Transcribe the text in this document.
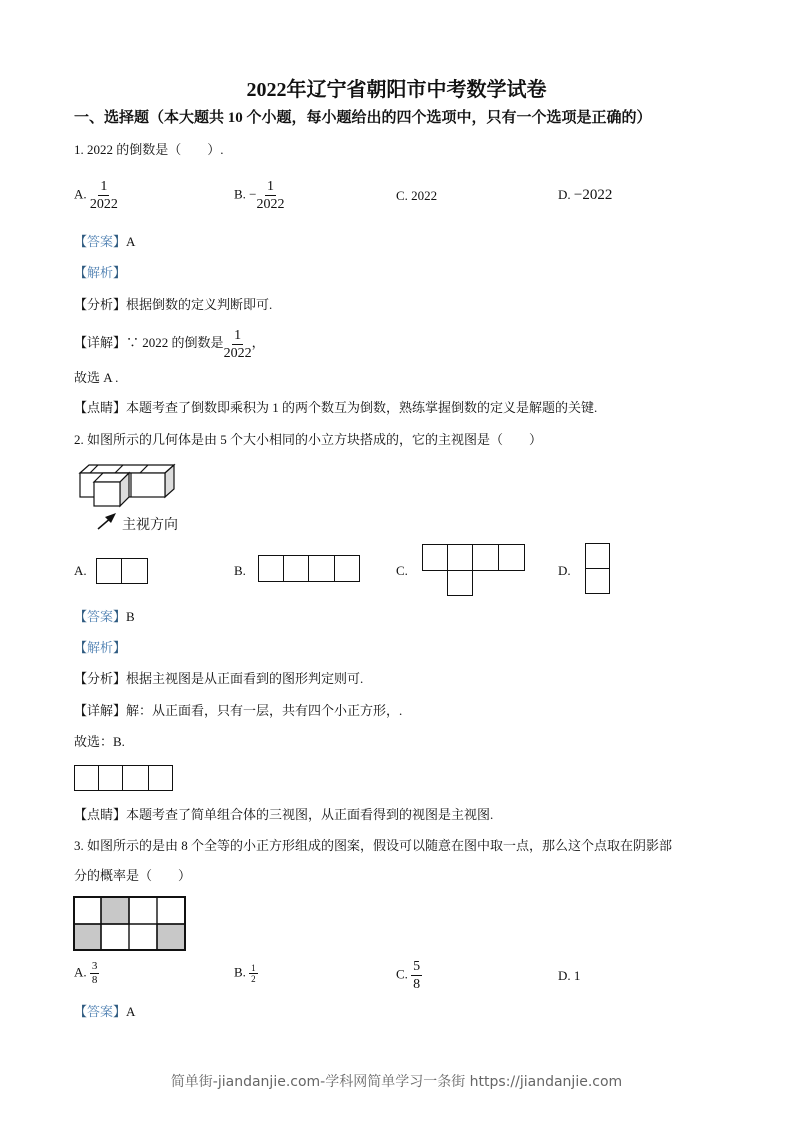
2022年辽宁省朝阳市中考数学试卷
一、选择题（本大题共 10 个小题，每小题给出的四个选项中，只有一个选项是正确的）
1. 2022 的倒数是（　　）.
A. $\frac{1}{2022}$	B. − $\frac{1}{2022}$	C. 2022	D. −2022
【答案】A
【解析】
【分析】根据倒数的定义判断即可.
【详解】∵ 2022 的倒数是 $\frac{1}{2022}$ ，
故选 A .
【点睛】本题考查了倒数即乘积为 1 的两个数互为倒数，熟练掌握倒数的定义是解题的关键.
2. 如图所示的几何体是由 5 个大小相同的小立方块搭成的，它的主视图是（　　）
主视方向
A.	B.	C.	D.
【答案】B
【解析】
【分析】根据主视图是从正面看到的图形判定则可.
【详解】解：从正面看，只有一层，共有四个小正方形，.
故选：B.
【点睛】本题考查了简单组合体的三视图，从正面看得到的视图是主视图.
3. 如图所示的是由 8 个全等的小正方形组成的图案，假设可以随意在图中取一点，那么这个点取在阴影部
分的概率是（　　）
A. $\frac{3}{8}$	B. $\frac{1}{2}$	C. $\frac{5}{8}$	D. 1
【答案】A
简单街-jiandanjie.com-学科网简单学习一条街 https://jiandanjie.com
